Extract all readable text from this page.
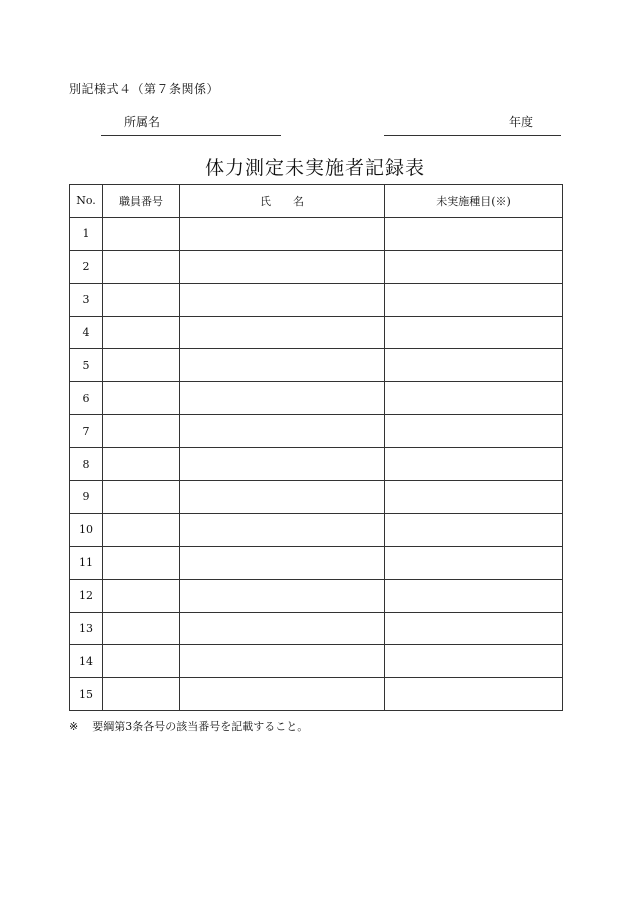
別記様式４（第７条関係）
所属名	年度
体力測定未実施者記録表
No.	職員番号	氏　　名	未実施種目(※)
1			
2			
3			
4			
5			
6			
7			
8			
9			
10			
11			
12			
13			
14			
15			
※ 要綱第3条各号の該当番号を記載すること。
